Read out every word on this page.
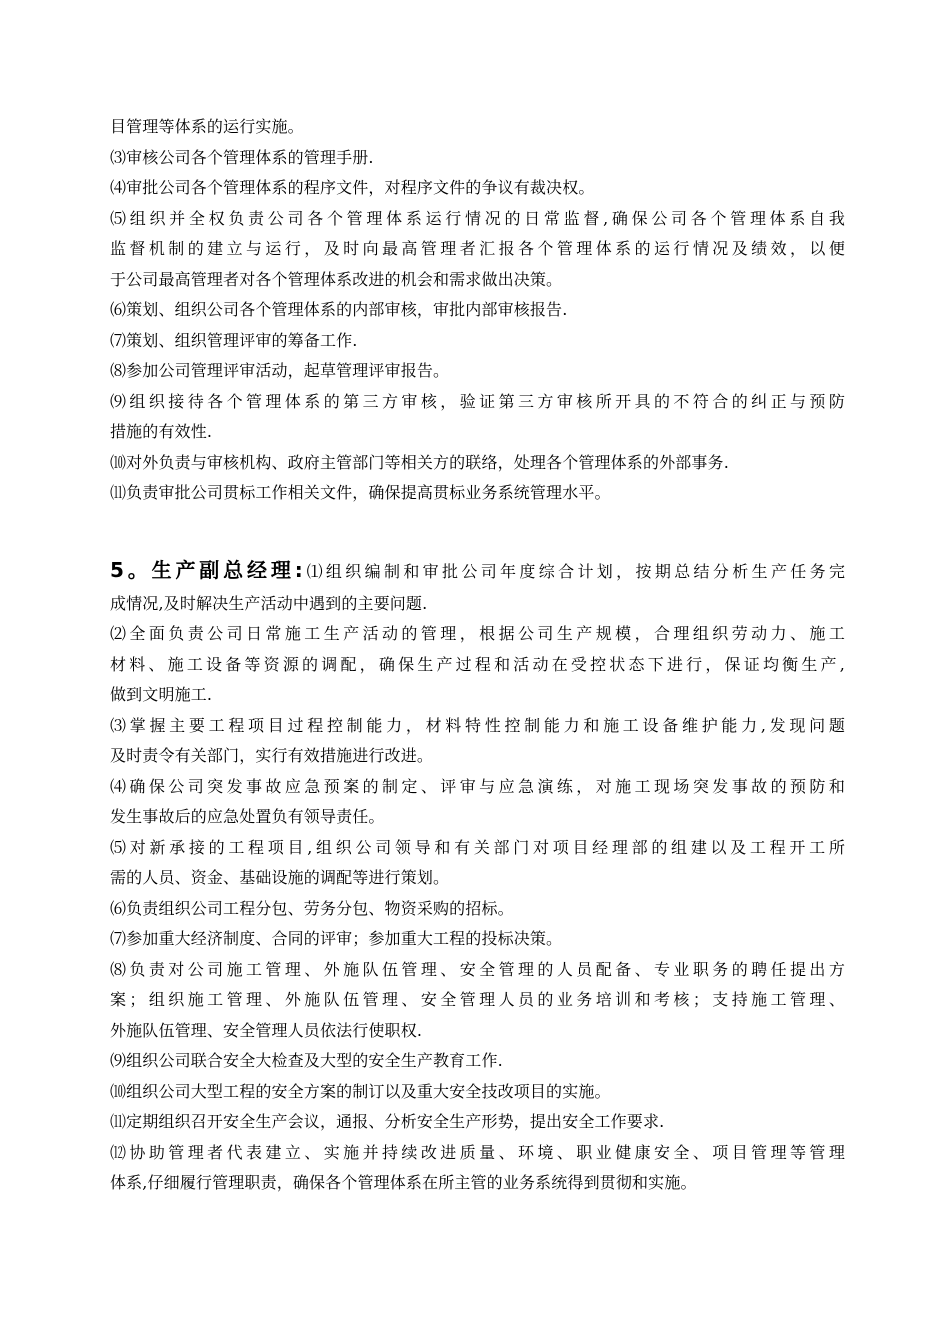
目管理等体系的运行实施。
⑶审核公司各个管理体系的管理手册.
⑷审批公司各个管理体系的程序文件，对程序文件的争议有裁决权。
⑸组织并全权负责公司各个管理体系运行情况的日常监督,确保公司各个管理体系自我
监督机制的建立与运行，及时向最高管理者汇报各个管理体系的运行情况及绩效，以便
于公司最高管理者对各个管理体系改进的机会和需求做出决策。
⑹策划、组织公司各个管理体系的内部审核，审批内部审核报告.
⑺策划、组织管理评审的筹备工作.
⑻参加公司管理评审活动，起草管理评审报告。
⑼组织接待各个管理体系的第三方审核，验证第三方审核所开具的不符合的纠正与预防
措施的有效性.
⑽对外负责与审核机构、政府主管部门等相关方的联络，处理各个管理体系的外部事务.
⑾负责审批公司贯标工作相关文件，确保提高贯标业务系统管理水平。
5。生产副总经理:⑴组织编制和审批公司年度综合计划，按期总结分析生产任务完
成情况,及时解决生产活动中遇到的主要问题.
⑵全面负责公司日常施工生产活动的管理，根据公司生产规模，合理组织劳动力、施工
材料、施工设备等资源的调配，确保生产过程和活动在受控状态下进行，保证均衡生产,
做到文明施工.
⑶掌握主要工程项目过程控制能力，材料特性控制能力和施工设备维护能力,发现问题
及时责令有关部门，实行有效措施进行改进。
⑷确保公司突发事故应急预案的制定、评审与应急演练，对施工现场突发事故的预防和
发生事故后的应急处置负有领导责任。
⑸对新承接的工程项目,组织公司领导和有关部门对项目经理部的组建以及工程开工所
需的人员、资金、基础设施的调配等进行策划。
⑹负责组织公司工程分包、劳务分包、物资采购的招标。
⑺参加重大经济制度、合同的评审；参加重大工程的投标决策。
⑻负责对公司施工管理、外施队伍管理、安全管理的人员配备、专业职务的聘任提出方
案；组织施工管理、外施队伍管理、安全管理人员的业务培训和考核；支持施工管理、
外施队伍管理、安全管理人员依法行使职权.
⑼组织公司联合安全大检查及大型的安全生产教育工作.
⑽组织公司大型工程的安全方案的制订以及重大安全技改项目的实施。
⑾定期组织召开安全生产会议，通报、分析安全生产形势，提出安全工作要求.
⑿协助管理者代表建立、实施并持续改进质量、环境、职业健康安全、项目管理等管理
体系,仔细履行管理职责，确保各个管理体系在所主管的业务系统得到贯彻和实施。
